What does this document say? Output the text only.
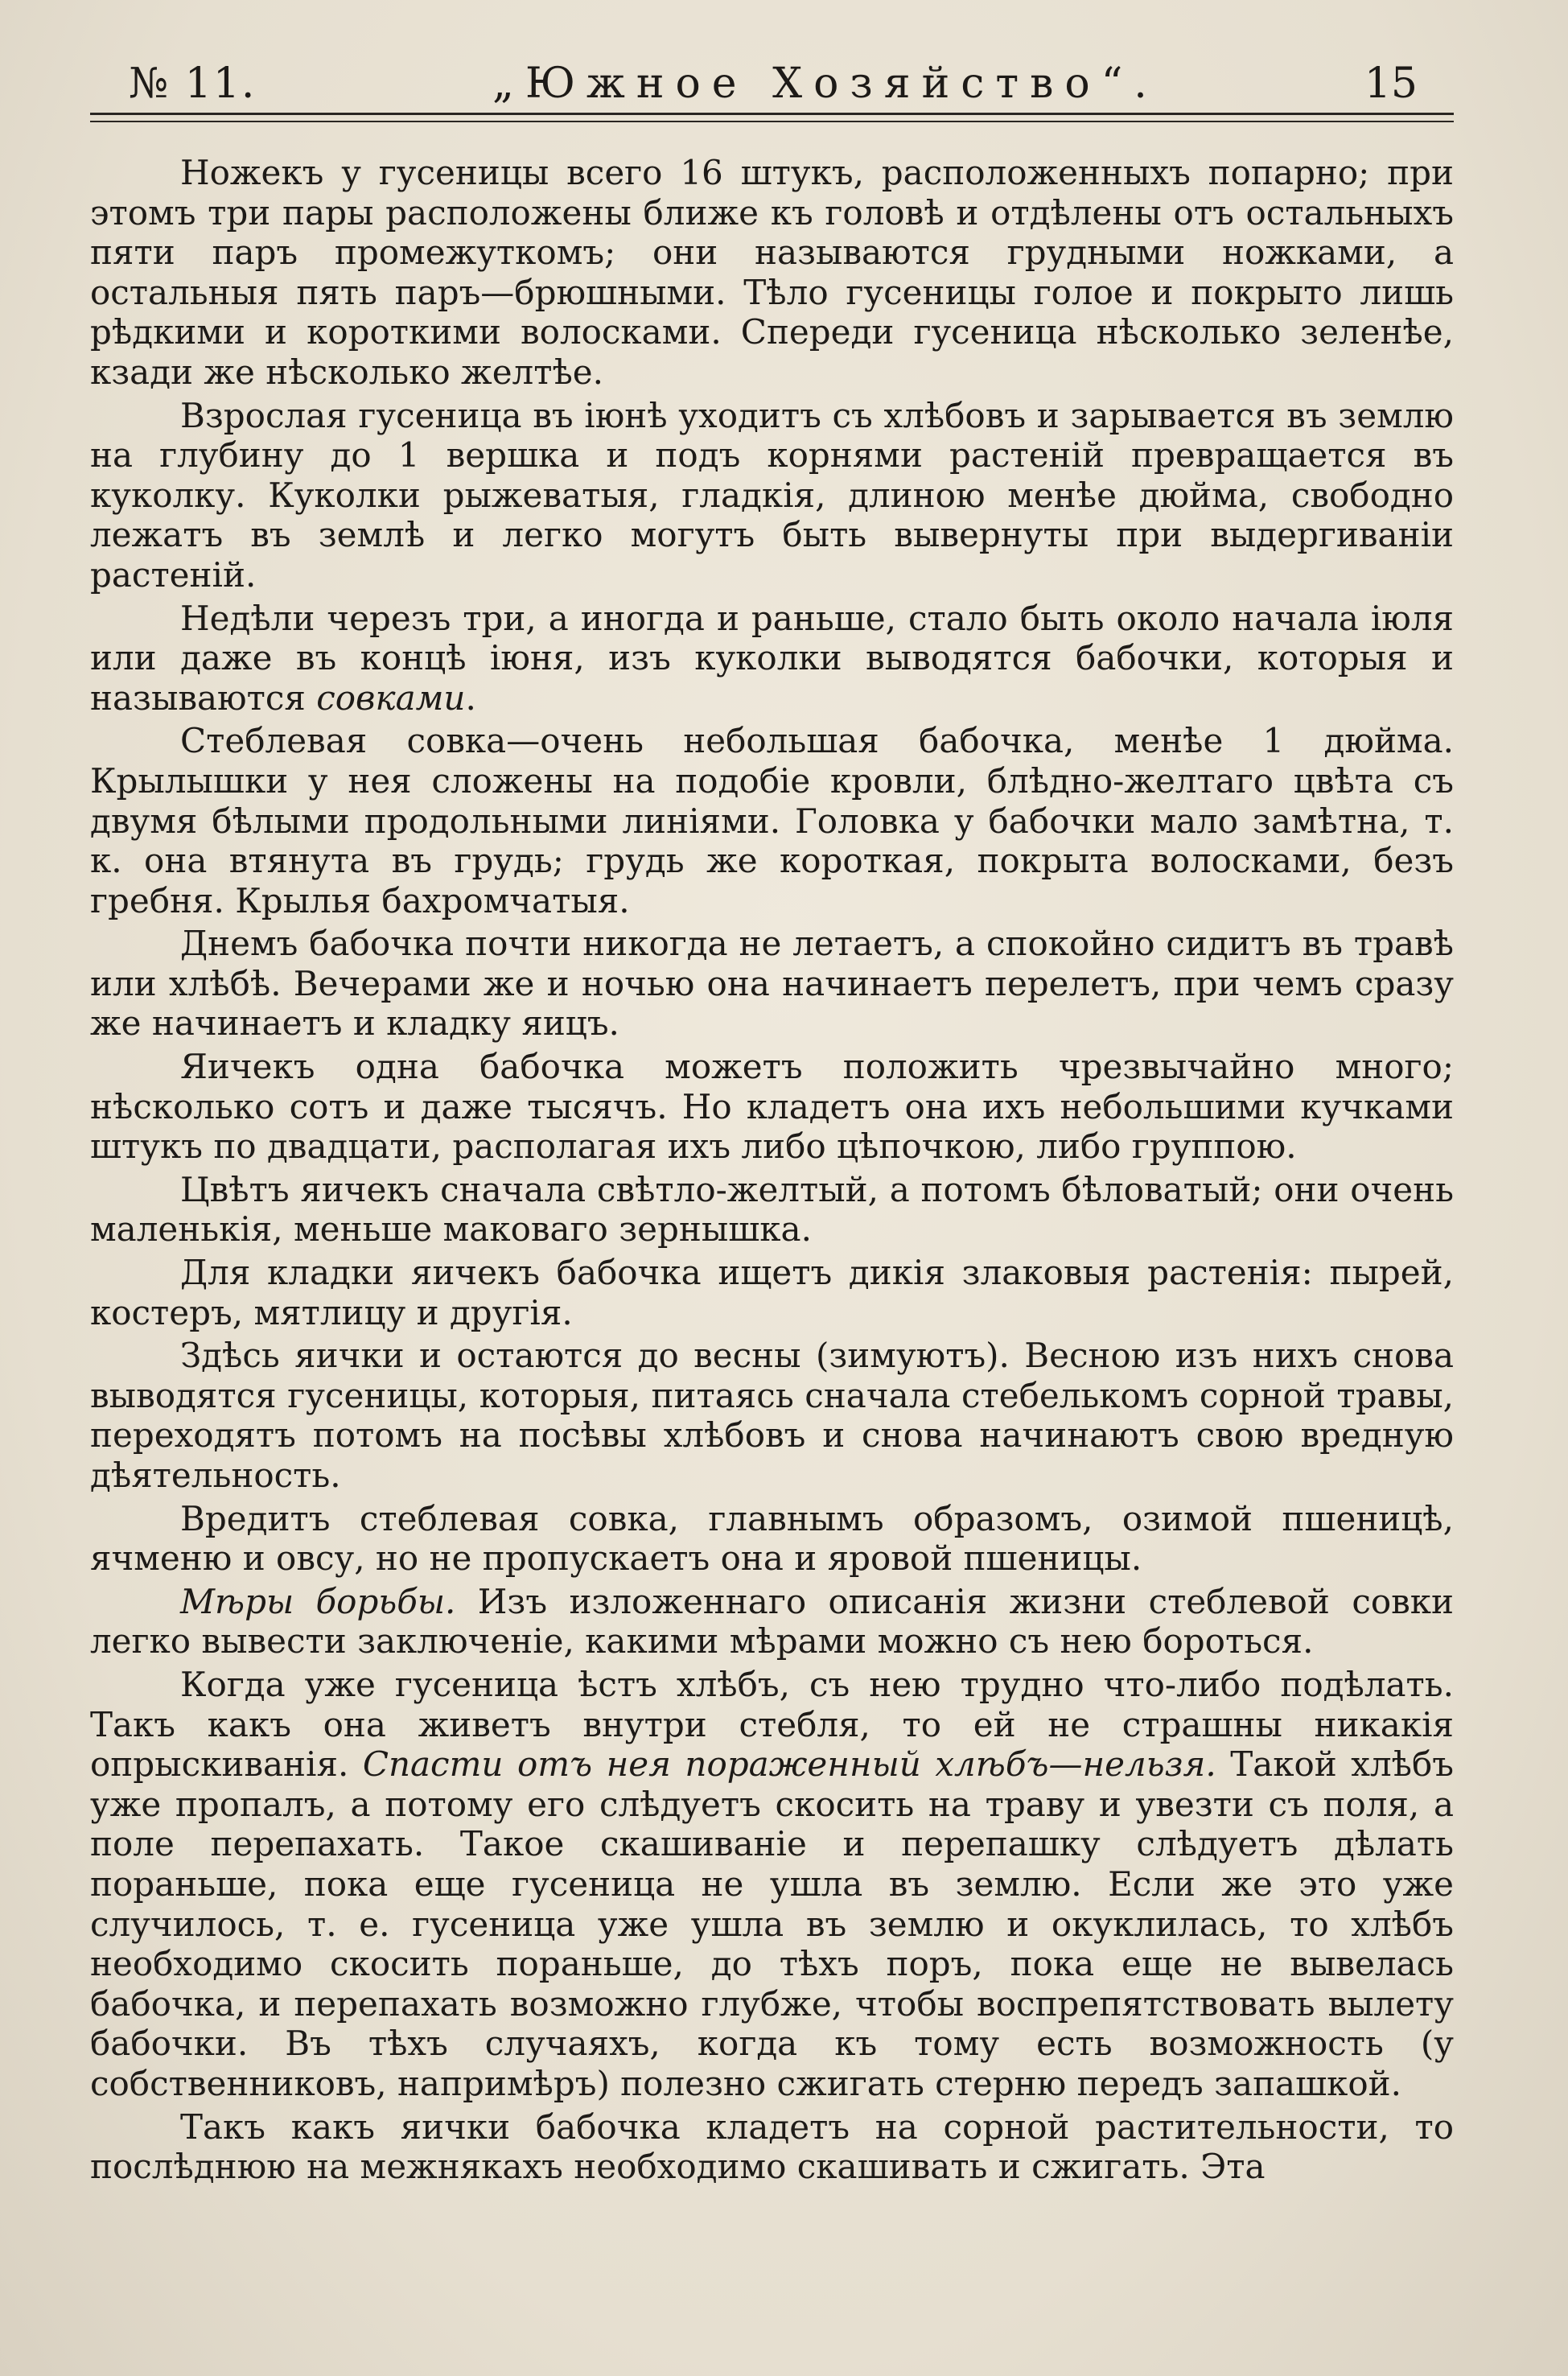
№ 11.	„Южное Хозяйство“.	15

Ножекъ у гусеницы всего 16 штукъ, расположенныхъ попарно; при этомъ три пары расположены ближе къ головѣ и отдѣлены отъ остальныхъ пяти паръ промежуткомъ; они называются грудными ножками, а остальныя пять паръ—брюшными. Тѣло гусеницы голое и покрыто лишь рѣдкими и короткими волосками. Спереди гусеница нѣсколько зеленѣе, кзади же нѣсколько желтѣе.

Взрослая гусеница въ іюнѣ уходитъ съ хлѣбовъ и зарывается въ землю на глубину до 1 вершка и подъ корнями растеній превращается въ куколку. Куколки рыжеватыя, гладкія, длиною менѣе дюйма, свободно лежатъ въ землѣ и легко могутъ быть вывернуты при выдергиваніи растеній.

Недѣли черезъ три, а иногда и раньше, стало быть около начала іюля или даже въ концѣ іюня, изъ куколки выводятся бабочки, которыя и называются совками.

Стеблевая совка—очень небольшая бабочка, менѣе 1 дюйма. Крылышки у нея сложены на подобіе кровли, блѣдно-желтаго цвѣта съ двумя бѣлыми продольными линіями. Головка у бабочки мало замѣтна, т. к. она втянута въ грудь; грудь же короткая, покрыта волосками, безъ гребня. Крылья бахромчатыя.

Днемъ бабочка почти никогда не летаетъ, а спокойно сидитъ въ травѣ или хлѣбѣ. Вечерами же и ночью она начинаетъ перелетъ, при чемъ сразу же начинаетъ и кладку яицъ.

Яичекъ одна бабочка можетъ положить чрезвычайно много; нѣсколько сотъ и даже тысячъ. Но кладетъ она ихъ небольшими кучками штукъ по двадцати, располагая ихъ либо цѣпочкою, либо группою.

Цвѣтъ яичекъ сначала свѣтло-желтый, а потомъ бѣловатый; они очень маленькія, меньше маковаго зернышка.

Для кладки яичекъ бабочка ищетъ дикія злаковыя растенія: пырей, костеръ, мятлицу и другія.

Здѣсь яички и остаются до весны (зимуютъ). Весною изъ нихъ снова выводятся гусеницы, которыя, питаясь сначала стебелькомъ сорной травы, переходятъ потомъ на посѣвы хлѣбовъ и снова начинаютъ свою вредную дѣятельность.

Вредитъ стеблевая совка, главнымъ образомъ, озимой пшеницѣ, ячменю и овсу, но не пропускаетъ она и яровой пшеницы.

Мѣры борьбы. Изъ изложеннаго описанія жизни стеблевой совки легко вывести заключеніе, какими мѣрами можно съ нею бороться.

Когда уже гусеница ѣстъ хлѣбъ, съ нею трудно что-либо подѣлать. Такъ какъ она живетъ внутри стебля, то ей не страшны никакія опрыскиванія. Спасти отъ нея пораженный хлѣбъ—нельзя. Такой хлѣбъ уже пропалъ, а потому его слѣдуетъ скосить на траву и увезти съ поля, а поле перепахать. Такое скашиваніе и перепашку слѣдуетъ дѣлать пораньше, пока еще гусеница не ушла въ землю. Если же это уже случилось, т. е. гусеница уже ушла въ землю и окуклилась, то хлѣбъ необходимо скосить пораньше, до тѣхъ поръ, пока еще не вывелась бабочка, и перепахать возможно глубже, чтобы воспрепятствовать вылету бабочки. Въ тѣхъ случаяхъ, когда къ тому есть возможность (у собственниковъ, напримѣръ) полезно сжигать стерню передъ запашкой.

Такъ какъ яички бабочка кладетъ на сорной растительности, то послѣднюю на межнякахъ необходимо скашивать и сжигать. Эта
